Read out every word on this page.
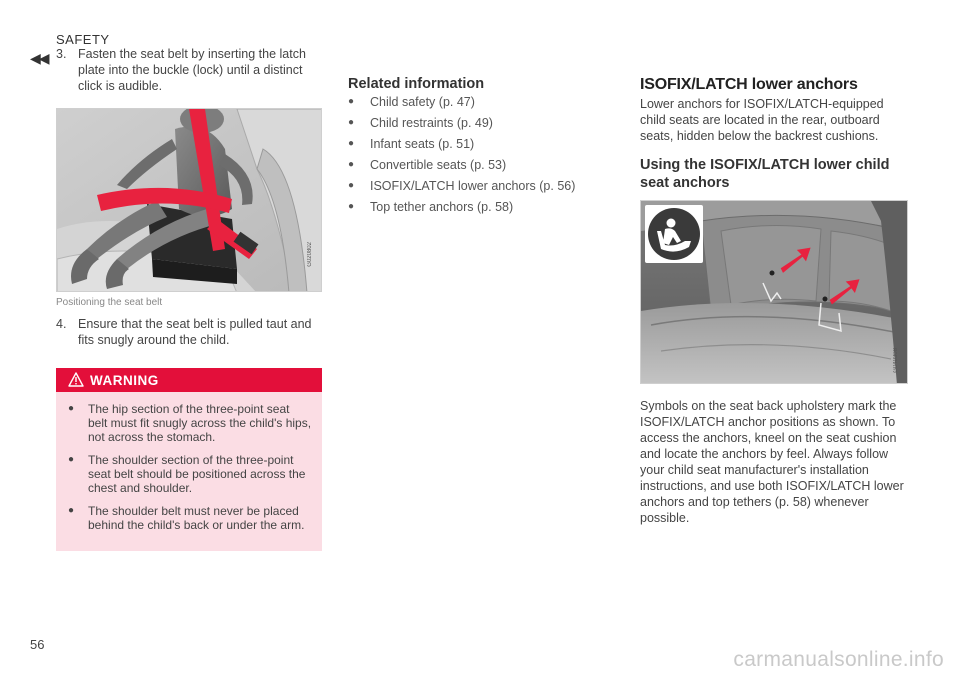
SAFETY
◀◀ 3. Fasten the seat belt by inserting the latch plate into the buckle (lock) until a distinct click is audible.
G020802
Positioning the seat belt
4. Ensure that the seat belt is pulled taut and fits snugly around the child.
WARNING
●	The hip section of the three-point seat belt must fit snugly across the child's hips, not across the stomach.
●	The shoulder section of the three-point seat belt should be positioned across the chest and shoulder.
●	The shoulder belt must never be placed behind the child's back or under the arm.
Related information
●	Child safety (p. 47)
●	Child restraints (p. 49)
●	Infant seats (p. 51)
●	Convertible seats (p. 53)
●	ISOFIX/LATCH lower anchors (p. 56)
●	Top tether anchors (p. 58)
ISOFIX/LATCH lower anchors
Lower anchors for ISOFIX/LATCH-equipped child seats are located in the rear, outboard seats, hidden below the backrest cushions.
Using the ISOFIX/LATCH lower child seat anchors
G040308
Symbols on the seat back upholstery mark the ISOFIX/LATCH anchor positions as shown. To access the anchors, kneel on the seat cushion and locate the anchors by feel. Always follow your child seat manufacturer's installation instructions, and use both ISOFIX/LATCH lower anchors and top tethers (p. 58) whenever possible.
56
carmanualsonline.info
